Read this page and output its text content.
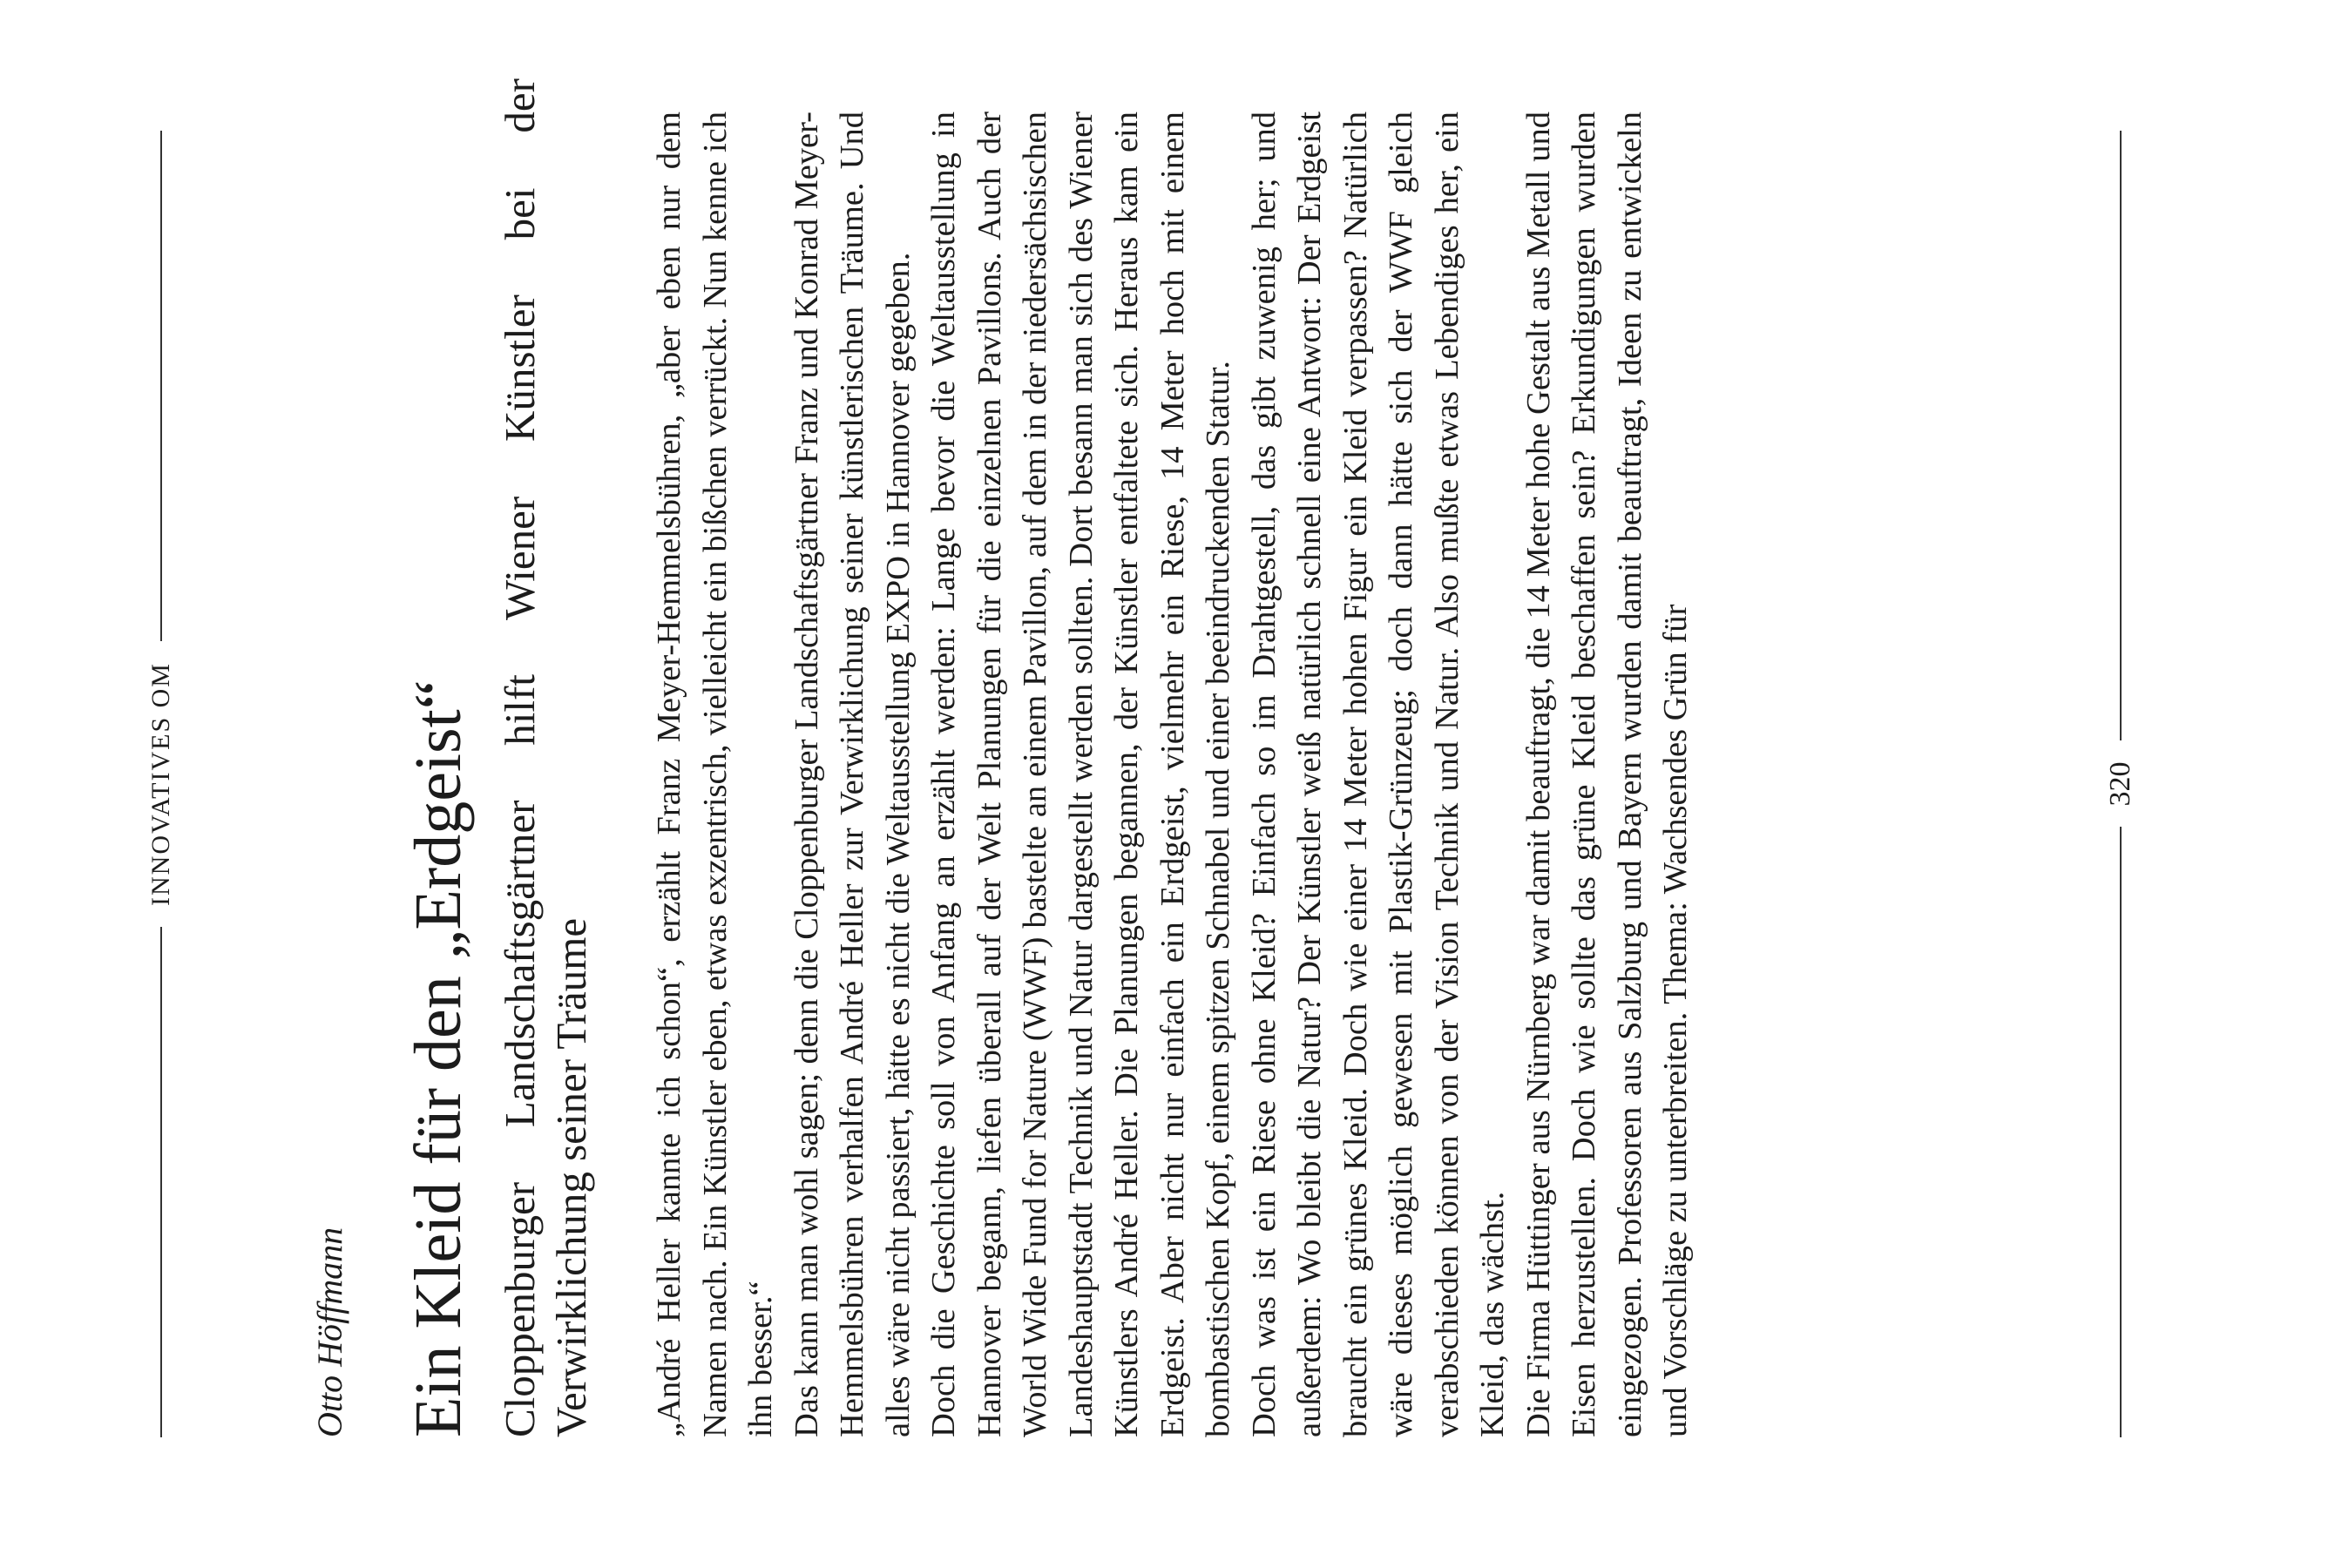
INNOVATIVES OM
Otto Höffmann Ein Kleid für den „Erdgeist“ Cloppenburger Landschaftsgärtner hilft Wiener Künstler bei der Verwirklichung seiner Träume „André Heller kannte ich schon“, erzählt Franz Meyer-Hemmelsbühren, „aber eben nur dem Namen nach. Ein Künstler eben, etwas exzentrisch, vielleicht ein bißchen verrückt. Nun kenne ich ihn besser.“ Das kann man wohl sagen; denn die Cloppenburger Landschaftsgärtner Franz und Konrad Meyer-Hemmelsbühren verhalfen André Heller zur Verwirklichung seiner künstlerischen Träume. Und alles wäre nicht passiert, hätte es nicht die Weltausstellung EXPO in Hannover gegeben. Doch die Geschichte soll von Anfang an erzählt werden: Lange bevor die Weltausstellung in Hannover begann, liefen überall auf der Welt Planungen für die einzelnen Pavillons. Auch der World Wide Fund for Nature (WWF) bastelte an einem Pavillon, auf dem in der niedersächsischen Landeshauptstadt Technik und Natur dargestellt werden sollten. Dort besann man sich des Wiener Künstlers André Heller. Die Planungen begannen, der Künstler entfaltete sich. Heraus kam ein Erdgeist. Aber nicht nur einfach ein Erdgeist, vielmehr ein Riese, 14 Meter hoch mit einem bombastischen Kopf, einem spitzen Schnabel und einer beeindruckenden Statur. Doch was ist ein Riese ohne Kleid? Einfach so im Drahtgestell, das gibt zuwenig her; und außerdem: Wo bleibt die Natur? Der Künstler weiß natürlich schnell eine Antwort: Der Erdgeist braucht ein grünes Kleid. Doch wie einer 14 Meter hohen Figur ein Kleid verpassen? Natürlich wäre dieses möglich gewesen mit Plastik-Grünzeug; doch dann hätte sich der WWF gleich verabschieden können von der Vision Technik und Natur. Also mußte etwas Lebendiges her, ein Kleid, das wächst. Die Firma Hüttinger aus Nürnberg war damit beauftragt, die 14 Meter hohe Gestalt aus Metall und Eisen herzustellen. Doch wie sollte das grüne Kleid beschaffen sein? Erkundigungen wurden eingezogen. Professoren aus Salzburg und Bayern wurden damit beauftragt, Ideen zu entwickeln und Vorschläge zu unterbreiten. Thema: Wachsendes Grün für	320
